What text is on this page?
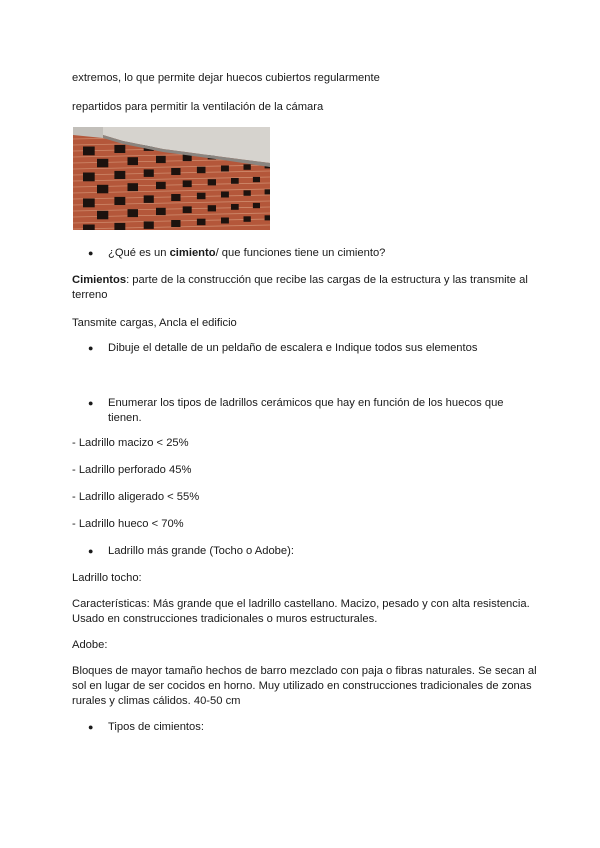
extremos, lo que permite dejar huecos cubiertos regularmente
repartidos para permitir la ventilación de la cámara
●	¿Qué es un cimiento/ que funciones tiene un cimiento?
Cimientos: parte de la construcción que recibe las cargas de la estructura y las transmite al terreno
Tansmite cargas, Ancla el edificio
●	Dibuje el detalle de un peldaño de escalera e Indique todos sus elementos
●	Enumerar los tipos de ladrillos cerámicos que hay en función de los huecos que tienen.
- Ladrillo macizo < 25%
- Ladrillo perforado 45%
- Ladrillo aligerado < 55%
- Ladrillo hueco < 70%
●	Ladrillo más grande (Tocho o Adobe):
Ladrillo tocho:
Características: Más grande que el ladrillo castellano. Macizo, pesado y con alta resistencia. Usado en construcciones tradicionales o muros estructurales.
Adobe:
Bloques de mayor tamaño hechos de barro mezclado con paja o fibras naturales. Se secan al sol en lugar de ser cocidos en horno. Muy utilizado en construcciones tradicionales de zonas rurales y climas cálidos. 40-50 cm
●	Tipos de cimientos:
